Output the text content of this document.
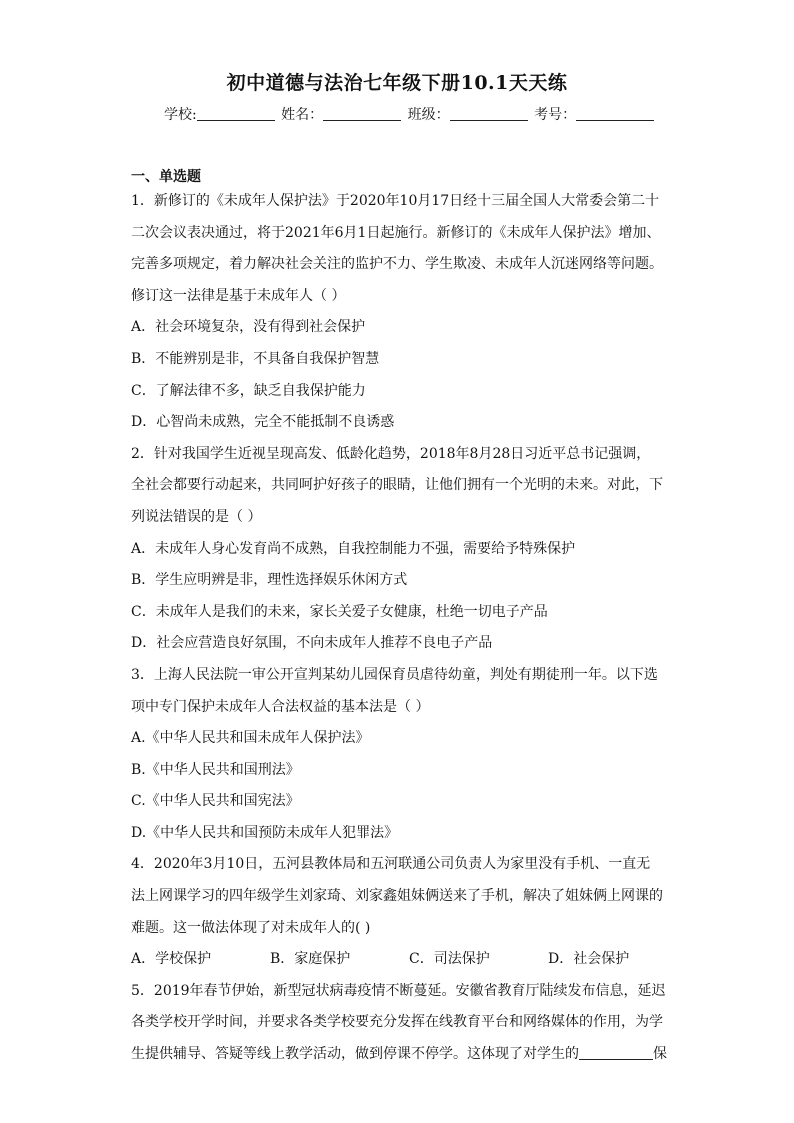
初中道德与法治七年级下册10.1天天练
学校:	姓名：	班级：	考号：
一、单选题
1．新修订的《未成年人保护法》于2020年10月17日经十三届全国人大常委会第二十
二次会议表决通过，将于2021年6月1日起施行。新修订的《未成年人保护法》增加、
完善多项规定，着力解决社会关注的监护不力、学生欺凌、未成年人沉迷网络等问题。
修订这一法律是基于未成年人（ ）
A．社会环境复杂，没有得到社会保护
B．不能辨别是非，不具备自我保护智慧
C．了解法律不多，缺乏自我保护能力
D．心智尚未成熟，完全不能抵制不良诱惑
2．针对我国学生近视呈现高发、低龄化趋势，2018年8月28日习近平总书记强调，
全社会都要行动起来，共同呵护好孩子的眼睛，让他们拥有一个光明的未来。对此，下
列说法错误的是（ ）
A．未成年人身心发育尚不成熟，自我控制能力不强，需要给予特殊保护
B．学生应明辨是非，理性选择娱乐休闲方式
C．未成年人是我们的未来，家长关爱子女健康，杜绝一切电子产品
D．社会应营造良好氛围，不向未成年人推荐不良电子产品
3．上海人民法院一审公开宣判某幼儿园保育员虐待幼童，判处有期徒刑一年。以下选
项中专门保护未成年人合法权益的基本法是（ ）
A.《中华人民共和国未成年人保护法》
B.《中华人民共和国刑法》
C.《中华人民共和国宪法》
D.《中华人民共和国预防未成年人犯罪法》
4．2020年3月10日，五河县教体局和五河联通公司负责人为家里没有手机、一直无
法上网课学习的四年级学生刘家琦、刘家鑫姐妹俩送来了手机，解决了姐妹俩上网课的
难题。这一做法体现了对未成年人的( )
A．学校保护	B．家庭保护	C．司法保护	D．社会保护
5．2019年春节伊始，新型冠状病毒疫情不断蔓延。安徽省教育厅陆续发布信息，延迟
各类学校开学时间，并要求各类学校要充分发挥在线教育平台和网络媒体的作用，为学
生提供辅导、答疑等线上教学活动，做到停课不停学。这体现了对学生的	保
